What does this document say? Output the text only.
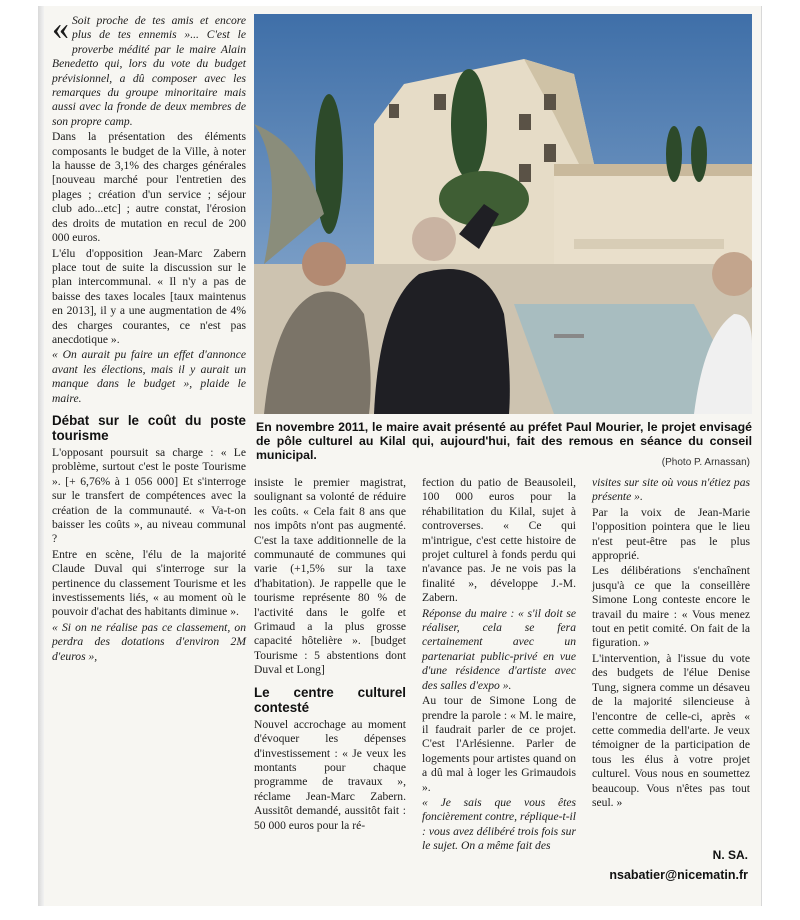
« Soit proche de tes amis et encore plus de tes ennemis »... C'est le proverbe médité par le maire Alain Benedetto qui, lors du vote du budget prévisionnel, a dû composer avec les remarques du groupe minoritaire mais aussi avec la fronde de deux membres de son propre camp.

Dans la présentation des éléments composants le budget de la Ville, à noter la hausse de 3,1% des charges générales [nouveau marché pour l'entretien des plages ; création d'un service ; séjour club ado...etc] ; autre constat, l'érosion des droits de mutation en recul de 200 000 euros.

L'élu d'opposition Jean-Marc Zabern place tout de suite la discussion sur le plan intercommunal. « Il n'y a pas de baisse des taxes locales [taux maintenus en 2013], il y a une augmentation de 4% des charges courantes, ce n'est pas anecdotique ».

« On aurait pu faire un effet d'annonce avant les élections, mais il y aurait un manque dans le budget », plaide le maire.

Débat sur le coût du poste tourisme

L'opposant poursuit sa charge : « Le problème, surtout c'est le poste Tourisme ». [+ 6,76% à 1 056 000] Et s'interroge sur le transfert de compétences avec la création de la communauté. « Va-t-on baisser les coûts », au niveau communal ?

Entre en scène, l'élu de la majorité Claude Duval qui s'interroge sur la pertinence du classement Tourisme et les investissements liés, « au moment où le pouvoir d'achat des habitants diminue ».

« Si on ne réalise pas ce classement, on perdra des dotations d'environ 2M d'euros »,

En novembre 2011, le maire avait présenté au préfet Paul Mourier, le projet envisagé de pôle culturel au Kilal qui, aujourd'hui, fait des remous en séance du conseil municipal.
(Photo P. Arnassan)

insiste le premier magistrat, soulignant sa volonté de réduire les coûts. « Cela fait 8 ans que nos impôts n'ont pas augmenté. C'est la taxe additionnelle de la communauté de communes qui varie (+1,5% sur la taxe d'habitation). Je rappelle que le tourisme représente 80 % de l'activité dans le golfe et Grimaud a la plus grosse capacité hôtelière ». [budget Tourisme : 5 abstentions dont Duval et Long]

Le centre culturel contesté

Nouvel accrochage au moment d'évoquer les dépenses d'investissement : « Je veux les montants pour chaque programme de travaux », réclame Jean-Marc Zabern. Aussitôt demandé, aussitôt fait : 50 000 euros pour la ré-

fection du patio de Beausoleil, 100 000 euros pour la réhabilitation du Kilal, sujet à controverses. « Ce qui m'intrigue, c'est cette histoire de projet culturel à fonds perdu qui n'avance pas. Je ne vois pas la finalité », développe J.-M. Zabern.

Réponse du maire : « s'il doit se réaliser, cela se fera certainement avec un partenariat public-privé en vue d'une résidence d'artiste avec des salles d'expo ».

Au tour de Simone Long de prendre la parole : « M. le maire, il faudrait parler de ce projet. C'est l'Arlésienne. Parler de logements pour artistes quand on a dû mal à loger les Grimaudois ».

« Je sais que vous êtes foncièrement contre, réplique-t-il : vous avez délibéré trois fois sur le sujet. On a même fait des

visites sur site où vous n'étiez pas présente ».

Par la voix de Jean-Marie l'opposition pointera que le lieu n'est peut-être pas le plus approprié.

Les délibérations s'enchaînent jusqu'à ce que la conseillère Simone Long conteste encore le travail du maire : « Vous menez tout en petit comité. On fait de la figuration. »

L'intervention, à l'issue du vote des budgets de l'élue Denise Tung, signera comme un désaveu de la majorité silencieuse à l'encontre de celle-ci, après « cette commedia dell'arte. Je veux témoigner de la participation de tous les élus à votre projet culturel. Vous nous en soumettez beaucoup. Vous n'êtes pas tout seul. »

N. SA.
nsabatier@nicematin.fr
